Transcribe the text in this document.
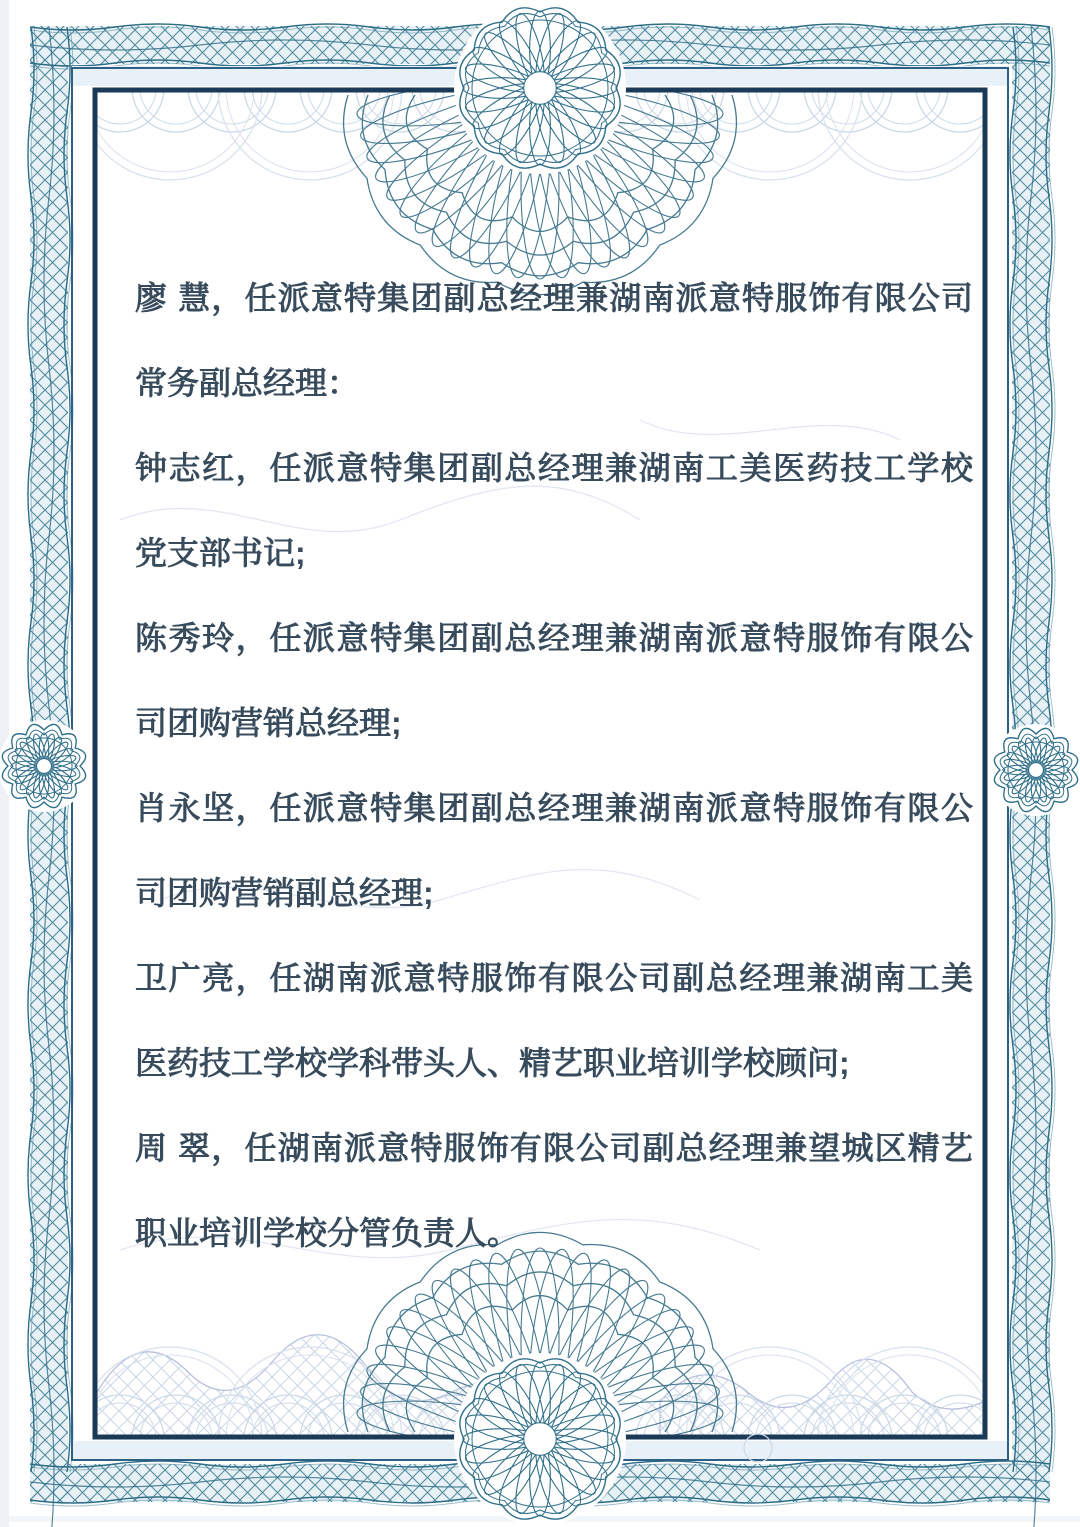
廖 慧，任派意特集团副总经理兼湖南派意特服饰有限公司

常务副总经理：

钟志红，任派意特集团副总经理兼湖南工美医药技工学校

党支部书记;

陈秀玲，任派意特集团副总经理兼湖南派意特服饰有限公

司团购营销总经理;

肖永坚，任派意特集团副总经理兼湖南派意特服饰有限公

司团购营销副总经理;

卫广亮，任湖南派意特服饰有限公司副总经理兼湖南工美

医药技工学校学科带头人、精艺职业培训学校顾问;

周 翠，任湖南派意特服饰有限公司副总经理兼望城区精艺

职业培训学校分管负责人。
